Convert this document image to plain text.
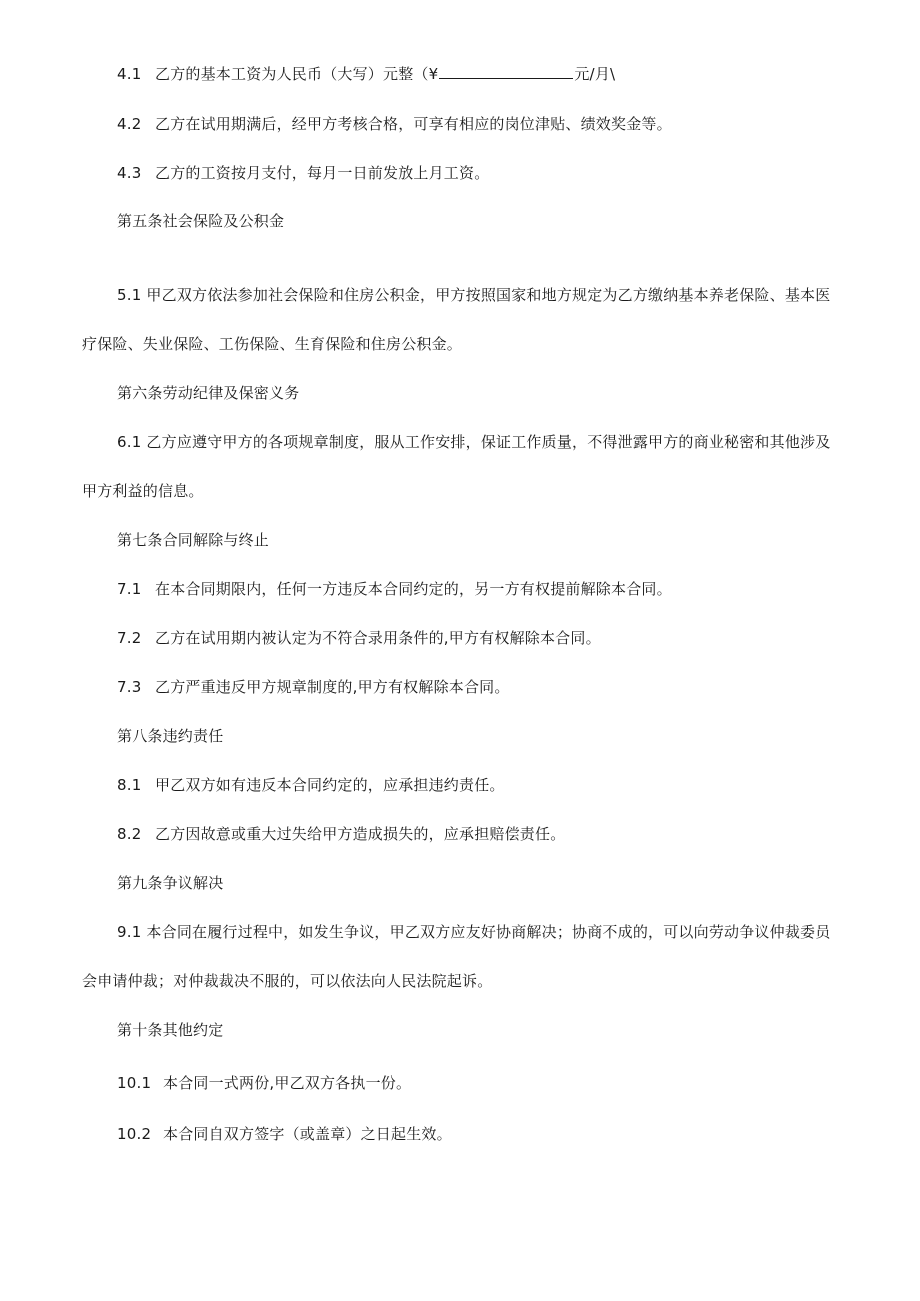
4.1 乙方的基本工资为人民币（大写）元整（¥	元/月\
4.2 乙方在试用期满后，经甲方考核合格，可享有相应的岗位津贴、绩效奖金等。
4.3 乙方的工资按月支付，每月一日前发放上月工资。
第五条社会保险及公积金
5.1 甲乙双方依法参加社会保险和住房公积金，甲方按照国家和地方规定为乙方缴纳基本养老保险、基本医
疗保险、失业保险、工伤保险、生育保险和住房公积金。
第六条劳动纪律及保密义务
6.1 乙方应遵守甲方的各项规章制度，服从工作安排，保证工作质量，不得泄露甲方的商业秘密和其他涉及
甲方利益的信息。
第七条合同解除与终止
7.1 在本合同期限内，任何一方违反本合同约定的，另一方有权提前解除本合同。
7.2 乙方在试用期内被认定为不符合录用条件的,甲方有权解除本合同。
7.3 乙方严重违反甲方规章制度的,甲方有权解除本合同。
第八条违约责任
8.1 甲乙双方如有违反本合同约定的，应承担违约责任。
8.2 乙方因故意或重大过失给甲方造成损失的，应承担赔偿责任。
第九条争议解决
9.1 本合同在履行过程中，如发生争议，甲乙双方应友好协商解决；协商不成的，可以向劳动争议仲裁委员
会申请仲裁；对仲裁裁决不服的，可以依法向人民法院起诉。
第十条其他约定
10.1 本合同一式两份,甲乙双方各执一份。
10.2 本合同自双方签字（或盖章）之日起生效。
